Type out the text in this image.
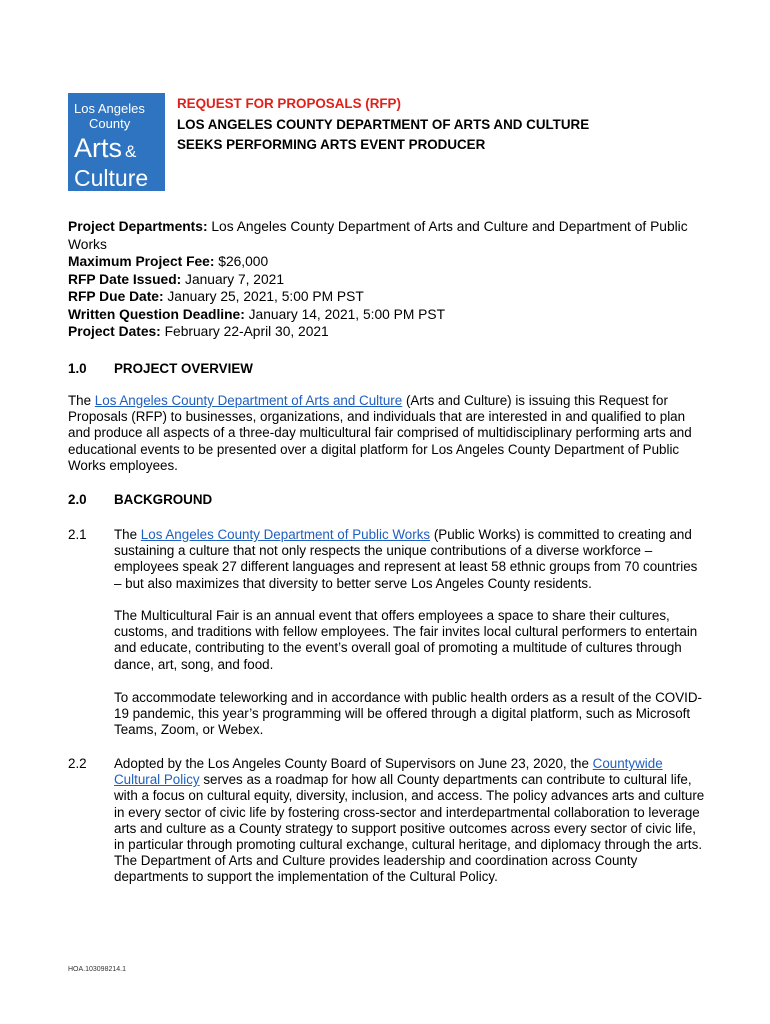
Los Angeles
County
Arts &
Culture
REQUEST FOR PROPOSALS (RFP)
LOS ANGELES COUNTY DEPARTMENT OF ARTS AND CULTURE
SEEKS PERFORMING ARTS EVENT PRODUCER
Project Departments: Los Angeles County Department of Arts and Culture and Department of Public Works
Maximum Project Fee: $26,000
RFP Date Issued: January 7, 2021
RFP Due Date: January 25, 2021, 5:00 PM PST
Written Question Deadline: January 14, 2021, 5:00 PM PST
Project Dates: February 22-April 30, 2021
1.0 PROJECT OVERVIEW
The Los Angeles County Department of Arts and Culture (Arts and Culture) is issuing this Request for Proposals (RFP) to businesses, organizations, and individuals that are interested in and qualified to plan and produce all aspects of a three-day multicultural fair comprised of multidisciplinary performing arts and educational events to be presented over a digital platform for Los Angeles County Department of Public Works employees.
2.0 BACKGROUND
2.1 The Los Angeles County Department of Public Works (Public Works) is committed to creating and sustaining a culture that not only respects the unique contributions of a diverse workforce – employees speak 27 different languages and represent at least 58 ethnic groups from 70 countries – but also maximizes that diversity to better serve Los Angeles County residents.
The Multicultural Fair is an annual event that offers employees a space to share their cultures, customs, and traditions with fellow employees. The fair invites local cultural performers to entertain and educate, contributing to the event’s overall goal of promoting a multitude of cultures through dance, art, song, and food.
To accommodate teleworking and in accordance with public health orders as a result of the COVID-19 pandemic, this year’s programming will be offered through a digital platform, such as Microsoft Teams, Zoom, or Webex.
2.2 Adopted by the Los Angeles County Board of Supervisors on June 23, 2020, the Countywide Cultural Policy serves as a roadmap for how all County departments can contribute to cultural life, with a focus on cultural equity, diversity, inclusion, and access. The policy advances arts and culture in every sector of civic life by fostering cross-sector and interdepartmental collaboration to leverage arts and culture as a County strategy to support positive outcomes across every sector of civic life, in particular through promoting cultural exchange, cultural heritage, and diplomacy through the arts. The Department of Arts and Culture provides leadership and coordination across County departments to support the implementation of the Cultural Policy.
HOA.103098214.1
